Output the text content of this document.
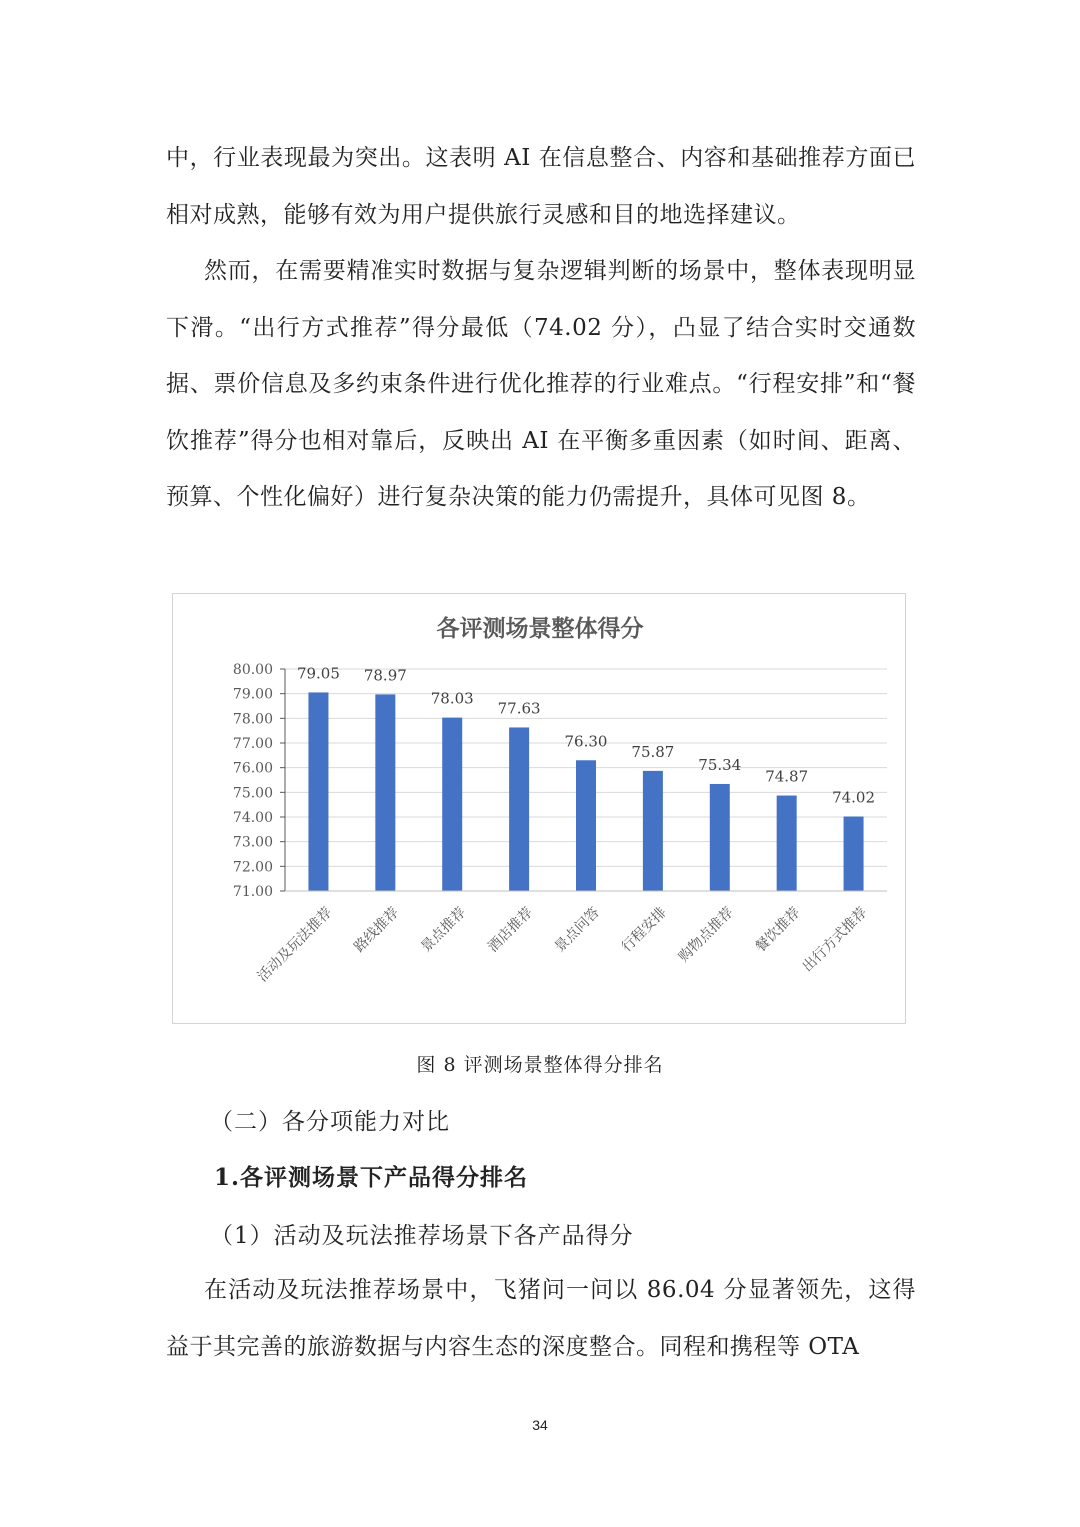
中，行业表现最为突出。这表明 AI 在信息整合、内容和基础推荐方面已相对成熟，能够有效为用户提供旅行灵感和目的地选择建议。

然而，在需要精准实时数据与复杂逻辑判断的场景中，整体表现明显下滑。“出行方式推荐”得分最低（74.02 分），凸显了结合实时交通数据、票价信息及多约束条件进行优化推荐的行业难点。“行程安排”和“餐饮推荐”得分也相对靠后，反映出 AI 在平衡多重因素（如时间、距离、预算、个性化偏好）进行复杂决策的能力仍需提升，具体可见图 8。

各评测场景整体得分
71.00
72.00
73.00
74.00
75.00
76.00
77.00
78.00
79.00
80.00 79.05
活动及玩法推荐
78.97
路线推荐
78.03
景点推荐
77.63
酒店推荐
76.30
景点问答
75.87
行程安排
75.34
购物点推荐
74.87
餐饮推荐
74.02
出行方式推荐
图 8 评测场景整体得分排名

（二）各分项能力对比

1.各评测场景下产品得分排名

（1）活动及玩法推荐场景下各产品得分

在活动及玩法推荐场景中，飞猪问一问以 86.04 分显著领先，这得益于其完善的旅游数据与内容生态的深度整合。同程和携程等 OTA

34
